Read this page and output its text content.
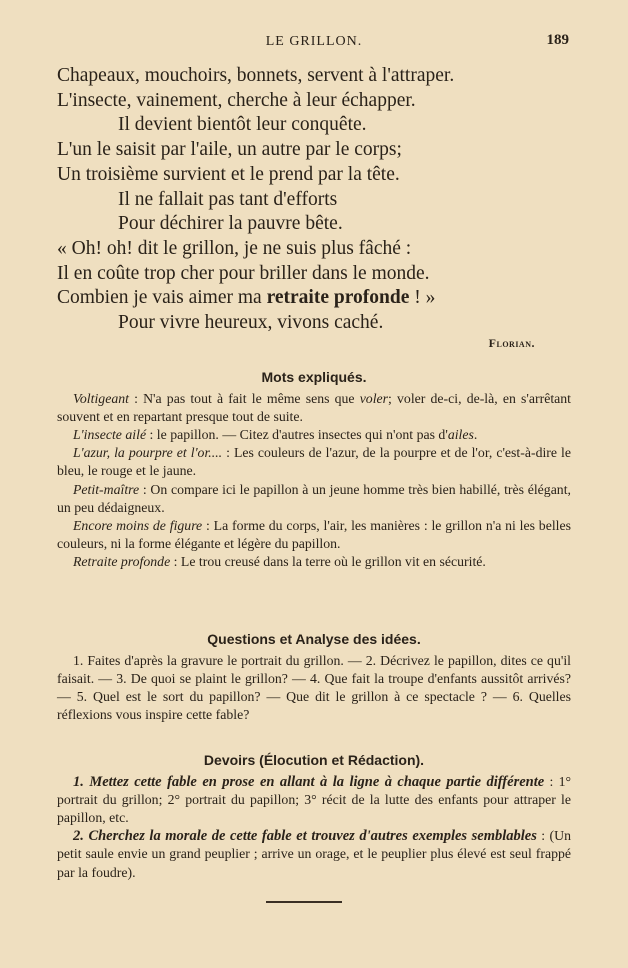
LE GRILLON.	189
Chapeaux, mouchoirs, bonnets, servent à l'attraper.
L'insecte, vainement, cherche à leur échapper.
Il devient bientôt leur conquête.
L'un le saisit par l'aile, un autre par le corps;
Un troisième survient et le prend par la tête.
Il ne fallait pas tant d'efforts
Pour déchirer la pauvre bête.
« Oh! oh! dit le grillon, je ne suis plus fâché :
Il en coûte trop cher pour briller dans le monde.
Combien je vais aimer ma retraite profonde ! »
Pour vivre heureux, vivons caché.
Florian.
Mots expliqués.

Voltigeant : N'a pas tout à fait le même sens que voler; voler de-ci, de-là, en s'arrêtant souvent et en repartant presque tout de suite.

L'insecte ailé : le papillon. — Citez d'autres insectes qui n'ont pas d'ailes.

L'azur, la pourpre et l'or.... : Les couleurs de l'azur, de la pourpre et de l'or, c'est-à-dire le bleu, le rouge et le jaune.

Petit-maître : On compare ici le papillon à un jeune homme très bien habillé, très élégant, un peu dédaigneux.

Encore moins de figure : La forme du corps, l'air, les manières : le grillon n'a ni les belles couleurs, ni la forme élégante et légère du papillon.

Retraite profonde : Le trou creusé dans la terre où le grillon vit en sécurité.

Questions et Analyse des idées.

1. Faites d'après la gravure le portrait du grillon. — 2. Décrivez le papillon, dites ce qu'il faisait. — 3. De quoi se plaint le grillon? — 4. Que fait la troupe d'enfants aussitôt arrivés? — 5. Quel est le sort du papillon? — Que dit le grillon à ce spectacle ? — 6. Quelles réflexions vous inspire cette fable?

Devoirs (Élocution et Rédaction).

1. Mettez cette fable en prose en allant à la ligne à chaque partie différente : 1° portrait du grillon; 2° portrait du papillon; 3° récit de la lutte des enfants pour attraper le papillon, etc.

2. Cherchez la morale de cette fable et trouvez d'autres exemples semblables : (Un petit saule envie un grand peuplier ; arrive un orage, et le peuplier plus élevé est seul frappé par la foudre).
